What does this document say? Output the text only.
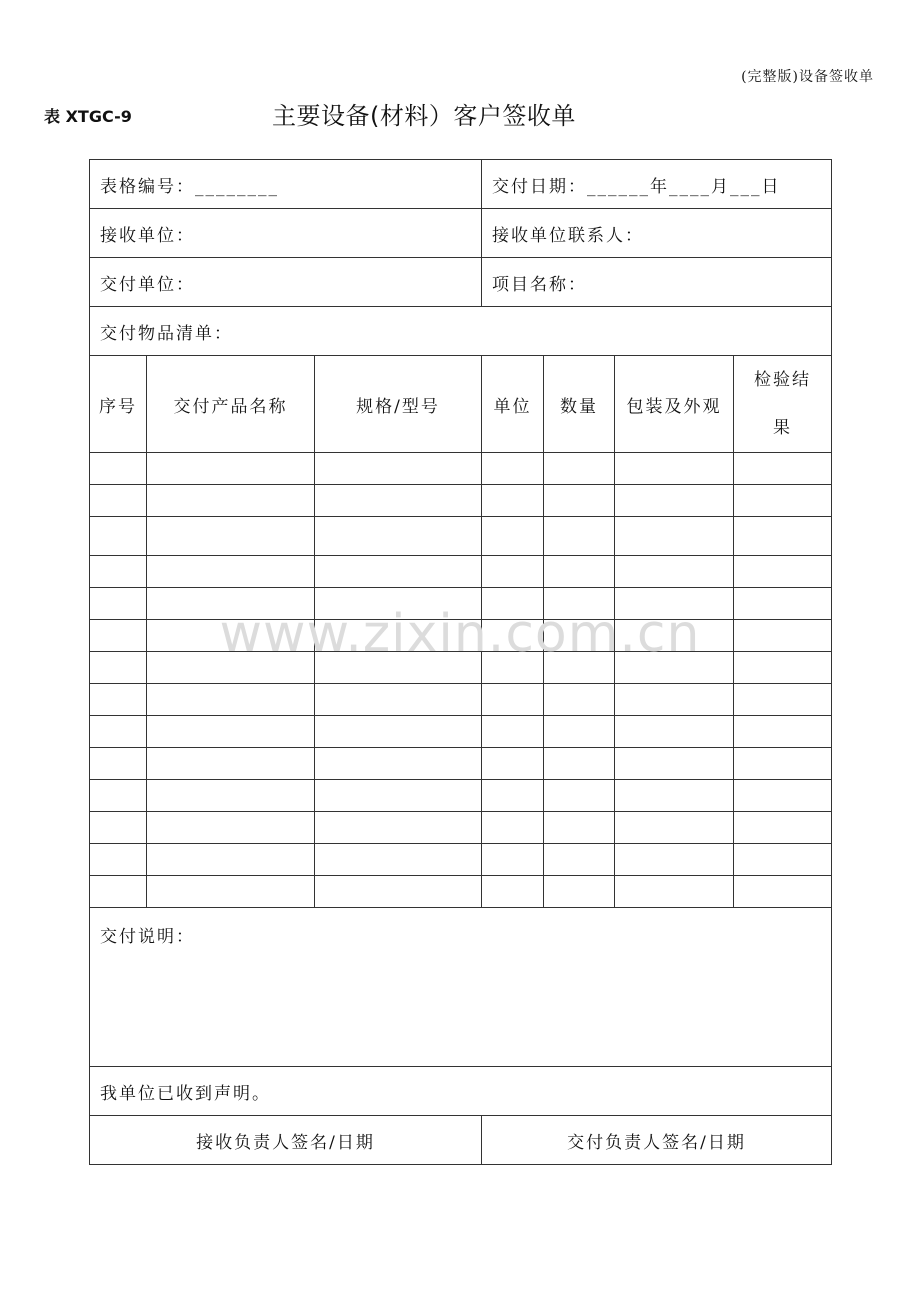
(完整版)设备签收单
表 XTGC-9	主要设备(材料）客户签收单
表格编号：________			交付日期：______年____月___日			
接收单位：			接收单位联系人：			
交付单位：			项目名称：			
交付物品清单：						
序号	交付产品名称	规格/型号	单位	数量	包装及外观	检验结
果

交付说明：						
我单位已收到声明。						
接收负责人签名/日期			交付负责人签名/日期			
www.zixin.com.cn
